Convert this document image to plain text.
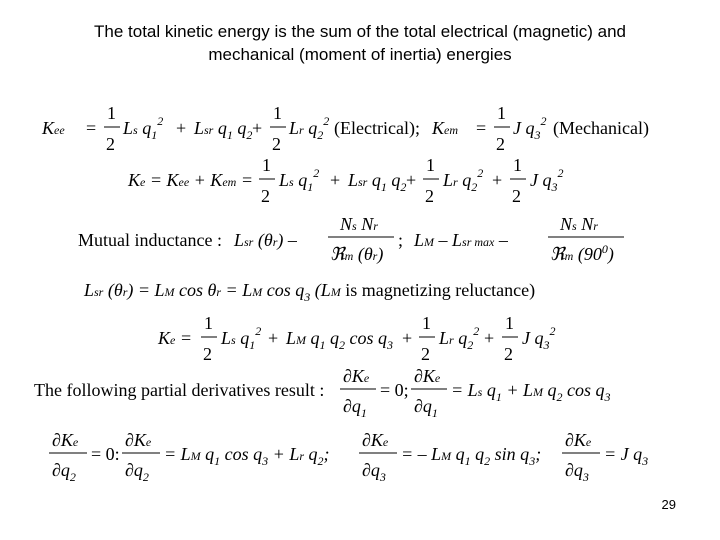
The total kinetic energy is the sum of the total electrical (magnetic) and
mechanical (moment of inertia) energies
Kee =
1
2
Ls $q_1^2$ + Lsr $q_1$ $q_2$ +
1
2
Lr $q_2^2$ (Electrical); Kem =
1
2
J $q_3^2$ (Mechanical)
Ke = Kee + Kem =
1
2
Ls $q_1^2$ + Lsr $q_1$ $q_2$ +
1
2
Lr $q_2^2$ +
1
2
J $q_3^2$
Mutual inductance : Lsr (θr) –
Ns Nr
ℜm (θr)
; LM – Lsr max –
Ns Nr
ℜm $(90^0)$
Lsr (θr) = LM cos θr = LM $\cos q_3$ (LM is magnetizing reluctance)
Ke =
1
2
Ls $q_1^2$ + LM $q_1$ $q_2$ $\cos q_3$ +
1
2
Lr $q_2^2$ +
1
2
J $q_3^2$
The following partial derivatives result :
∂Ke
$\partial q_1$
= 0;
∂Ke
$\partial q_1$
= Ls $q_1$ + LM $q_2$ $\cos q_3$
∂Ke
$\partial q_2$
= 0:
∂Ke
$\partial q_2$
= LM $q_1$ $\cos q_3 + Lr$ $q_2$;
∂Ke
$\partial q_3$
= – LM $q_1$ $q_2$ $\sin q_3$;
∂Ke
$\partial q_3$
= J $q_3$
29
